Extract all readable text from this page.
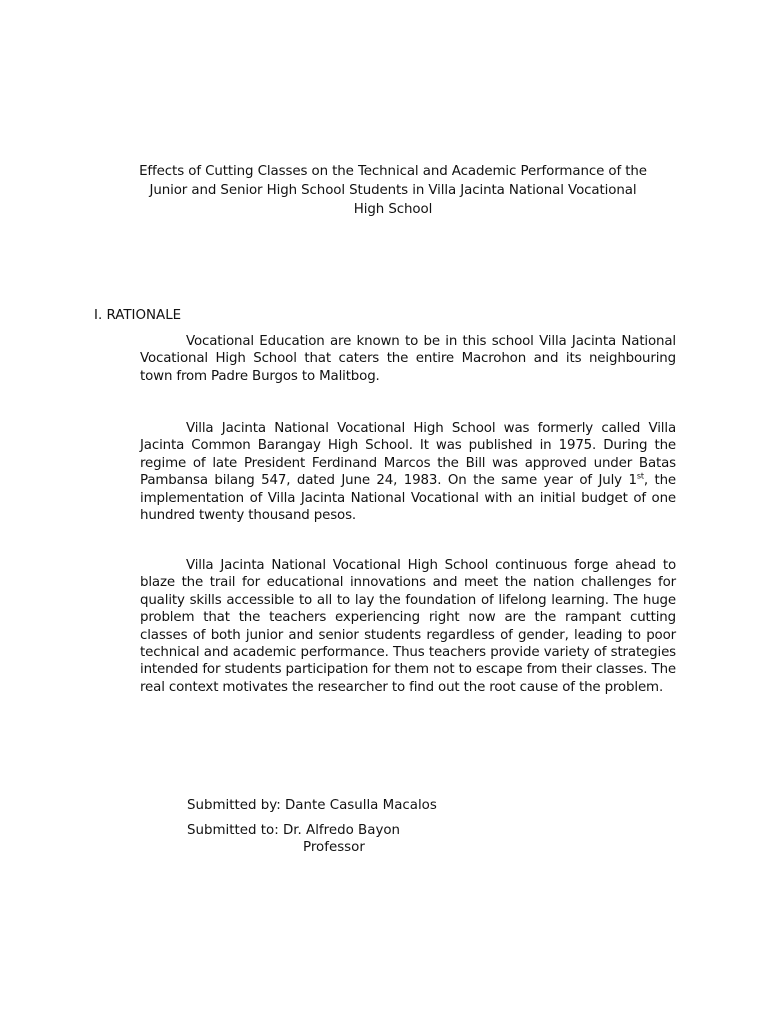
Effects of Cutting Classes on the Technical and Academic Performance of the
Junior and Senior High School Students in Villa Jacinta National Vocational
High School
I. RATIONALE

Vocational Education are known to be in this school Villa Jacinta National Vocational High School that caters the entire Macrohon and its neighbouring town from Padre Burgos to Malitbog.

Villa Jacinta National Vocational High School was formerly called Villa Jacinta Common Barangay High School. It was published in 1975. During the regime of late President Ferdinand Marcos the Bill was approved under Batas Pambansa bilang 547, dated June 24, 1983. On the same year of July 1st, the implementation of Villa Jacinta National Vocational with an initial budget of one hundred twenty thousand pesos.

Villa Jacinta National Vocational High School continuous forge ahead to blaze the trail for educational innovations and meet the nation challenges for quality skills accessible to all to lay the foundation of lifelong learning. The huge problem that the teachers experiencing right now are the rampant cutting classes of both junior and senior students regardless of gender, leading to poor technical and academic performance. Thus teachers provide variety of strategies intended for students participation for them not to escape from their classes. The real context motivates the researcher to find out the root cause of the problem.

Submitted by: Dante Casulla Macalos
Submitted to: Dr. Alfredo Bayon
Professor
